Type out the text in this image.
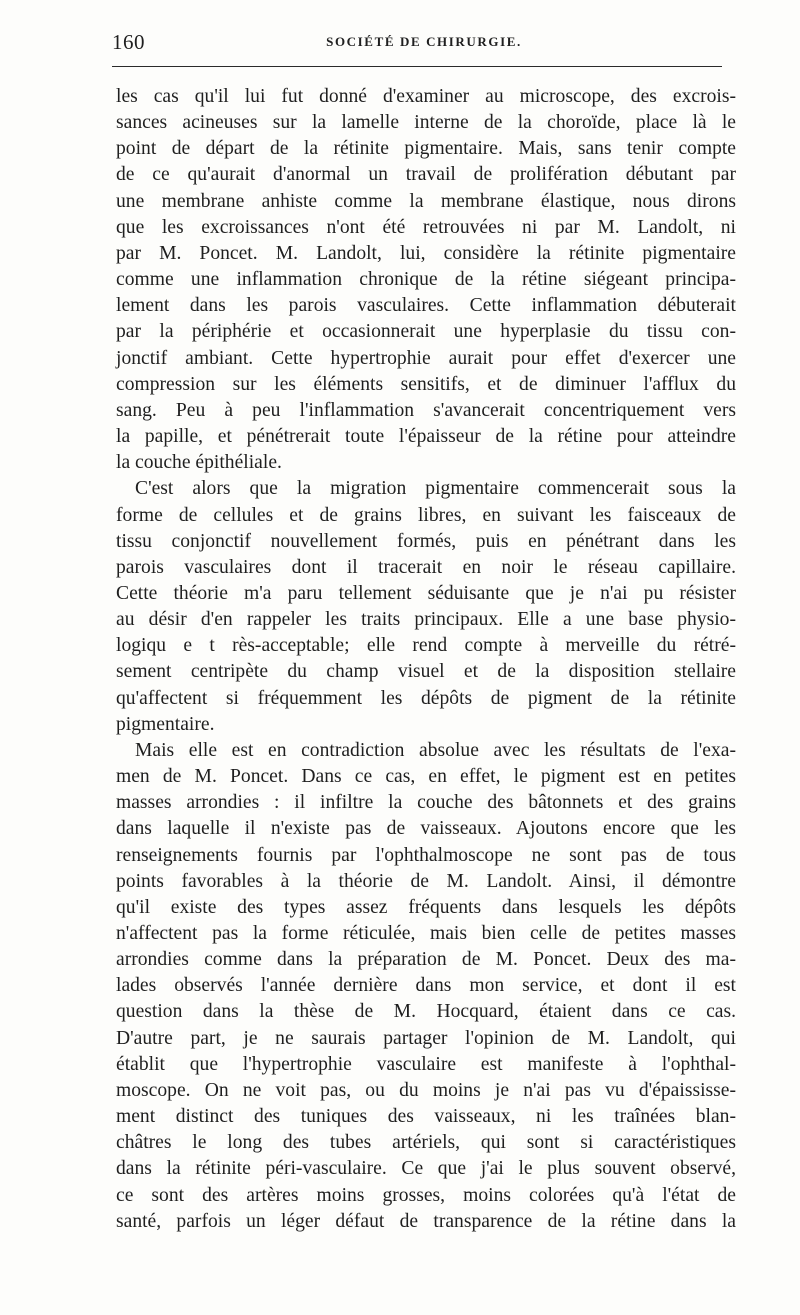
160	SOCIÉTÉ DE CHIRURGIE.

les cas qu'il lui fut donné d'examiner au microscope, des excrois-
sances acineuses sur la lamelle interne de la choroïde, place là le
point de départ de la rétinite pigmentaire. Mais, sans tenir compte
de ce qu'aurait d'anormal un travail de prolifération débutant par
une membrane anhiste comme la membrane élastique, nous dirons
que les excroissances n'ont été retrouvées ni par M. Landolt, ni
par M. Poncet. M. Landolt, lui, considère la rétinite pigmentaire
comme une inflammation chronique de la rétine siégeant principa-
lement dans les parois vasculaires. Cette inflammation débuterait
par la périphérie et occasionnerait une hyperplasie du tissu con-
jonctif ambiant. Cette hypertrophie aurait pour effet d'exercer une
compression sur les éléments sensitifs, et de diminuer l'afflux du
sang. Peu à peu l'inflammation s'avancerait concentriquement vers
la papille, et pénétrerait toute l'épaisseur de la rétine pour atteindre
la couche épithéliale.

C'est alors que la migration pigmentaire commencerait sous la
forme de cellules et de grains libres, en suivant les faisceaux de
tissu conjonctif nouvellement formés, puis en pénétrant dans les
parois vasculaires dont il tracerait en noir le réseau capillaire.
Cette théorie m'a paru tellement séduisante que je n'ai pu résister
au désir d'en rappeler les traits principaux. Elle a une base physio-
logiqu e t rès-acceptable; elle rend compte à merveille du rétré-
sement centripète du champ visuel et de la disposition stellaire
qu'affectent si fréquemment les dépôts de pigment de la rétinite
pigmentaire.

Mais elle est en contradiction absolue avec les résultats de l'exa-
men de M. Poncet. Dans ce cas, en effet, le pigment est en petites
masses arrondies : il infiltre la couche des bâtonnets et des grains
dans laquelle il n'existe pas de vaisseaux. Ajoutons encore que les
renseignements fournis par l'ophthalmoscope ne sont pas de tous
points favorables à la théorie de M. Landolt. Ainsi, il démontre
qu'il existe des types assez fréquents dans lesquels les dépôts
n'affectent pas la forme réticulée, mais bien celle de petites masses
arrondies comme dans la préparation de M. Poncet. Deux des ma-
lades observés l'année dernière dans mon service, et dont il est
question dans la thèse de M. Hocquard, étaient dans ce cas.
D'autre part, je ne saurais partager l'opinion de M. Landolt, qui
établit que l'hypertrophie vasculaire est manifeste à l'ophthal-
moscope. On ne voit pas, ou du moins je n'ai pas vu d'épaississe-
ment distinct des tuniques des vaisseaux, ni les traînées blan-
châtres le long des tubes artériels, qui sont si caractéristiques
dans la rétinite péri-vasculaire. Ce que j'ai le plus souvent observé,
ce sont des artères moins grosses, moins colorées qu'à l'état de
santé, parfois un léger défaut de transparence de la rétine dans la
